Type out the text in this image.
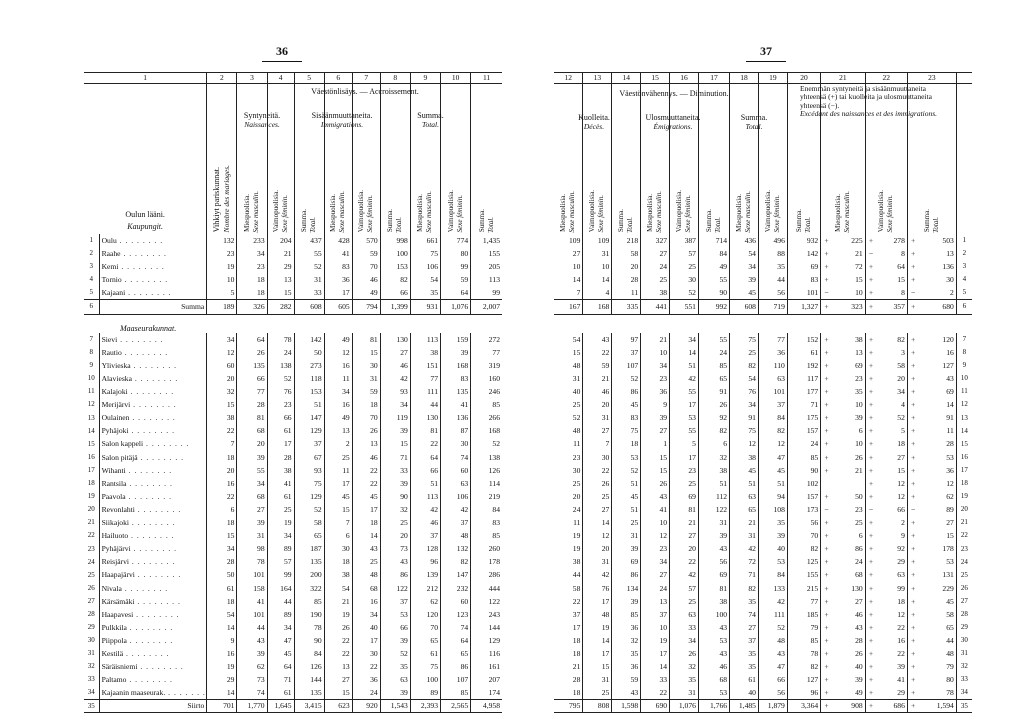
36
1		2	3	4	5	6	7	8	9	10	11

Oulun lääni.
Kaupungit.		Vihkiyt pariskunnat. Nombre des mariages.	Miespuolisia. Sexe masculin.	Vaimopuolisia. Sexe féminin.	Summa. Total.	Miespuolisia. Sexe masculin.	Vaimopuolisia. Sexe féminin.	Summa. Total.	Miespuolisia. Sexe masculin.	Vaimopuolisia. Sexe féminin.	Summa. Total.
1	Oulu . . .	132	233	204	437	428	570	998	661	774	1,435
2	Raahe . . .	23	34	21	55	41	59	100	75	80	155
3	Kemi . . .	19	23	29	52	83	70	153	106	99	205
4	Tornio . . .	10	18	13	31	36	46	82	54	59	113
5	Kajaani . . .	5	18	15	33	17	49	66	35	64	99
6	Summa	189	326	282	608	605	794	1,399	931	1,076	2,007
Maaseurakunnat.											
7	Sievi . . .	34	64	78	142	49	81	130	113	159	272
8	Rautio . . .	12	26	24	50	12	15	27	38	39	77
9	Ylivieska . . .	60	135	138	273	16	30	46	151	168	319
10	Alavieska . . .	20	66	52	118	11	31	42	77	83	160
11	Kalajoki . . .	32	77	76	153	34	59	93	111	135	246
12	Merijärvi . . .	15	28	23	51	16	18	34	44	41	85
13	Oulainen . . .	38	81	66	147	49	70	119	130	136	266
14	Pyhäjoki . . .	22	68	61	129	13	26	39	81	87	168
15	Salon kappeli . . .	7	20	17	37	2	13	15	22	30	52
16	Salon pitäjä . . .	18	39	28	67	25	46	71	64	74	138
17	Wihanti . . .	20	55	38	93	11	22	33	66	60	126
18	Rantsila . . .	16	34	41	75	17	22	39	51	63	114
19	Paavola . . .	22	68	61	129	45	45	90	113	106	219
20	Revonlahti . . .	6	27	25	52	15	17	32	42	42	84
21	Siikajoki . . .	18	39	19	58	7	18	25	46	37	83
22	Hailuoto . . .	15	31	34	65	6	14	20	37	48	85
23	Pyhäjärvi . . .	34	98	89	187	30	43	73	128	132	260
24	Reisjärvi . . .	28	78	57	135	18	25	43	96	82	178
25	Haapajärvi . . .	50	101	99	200	38	48	86	139	147	286
26	Nivala . . .	61	158	164	322	54	68	122	212	232	444
27	Kärsämäki . . .	18	41	44	85	21	16	37	62	60	122
28	Haapavesi . . .	54	101	89	190	19	34	53	120	123	243
29	Pulkkila . . .	14	44	34	78	26	40	66	70	74	144
30	Piippola . . .	9	43	47	90	22	17	39	65	64	129
31	Kestilä . . .	16	39	45	84	22	30	52	61	65	116
32	Säräisniemi . . .	19	62	64	126	13	22	35	75	86	161
33	Paltamo . . .	29	73	71	144	27	36	63	100	107	207
34	Kajaanin maaseurak. . . .	14	74	61	135	15	24	39	89	85	174
35	Siirto	701	1,770	1,645	3,415	623	920	1,543	2,393	2,565	4,958
Väestönlisäys. — Accroissement.
Syntyneitä.
Naissances.
Sisäänmuuttaneita.
Immigrations.
Summa.
Total.
37
12	13	14	15	16	17	18	19	20	21		22		23		
Miespuolisia. Sexe masculin.	Vaimopuolisia. Sexe féminin.	Summa. Total.	Miespuolisia. Sexe masculin.	Vaimopuolisia. Sexe féminin.	Summa. Total.	Miespuolisia. Sexe masculin.	Vaimopuolisia. Sexe féminin.	Summa. Total.	Miespuolisia. Sexe masculin.		Vaimopuolisia. Sexe féminin.		Summa. Total.		
109	109	218	327	387	714	436	496	932	+	225	+	278	+	503	1
27	31	58	27	57	84	54	88	142	+	21	−	8	+	13	2
10	10	20	24	25	49	34	35	69	+	72	+	64	+	136	3
14	14	28	25	30	55	39	44	83	+	15	+	15	+	30	4
7	4	11	38	52	90	45	56	101	−	10	+	8	−	2	5
167	168	335	441	551	992	608	719	1,327	+	323	+	357	+	680	6

54	43	97	21	34	55	75	77	152	+	38	+	82	+	120	7
15	22	37	10	14	24	25	36	61	+	13	+	3	+	16	8
48	59	107	34	51	85	82	110	192	+	69	+	58	+	127	9
31	21	52	23	42	65	54	63	117	+	23	+	20	+	43	10
40	46	86	36	55	91	76	101	177	+	35	+	34	+	69	11
25	20	45	9	17	26	34	37	71	+	10	+	4	+	14	12
52	31	83	39	53	92	91	84	175	+	39	+	52	+	91	13
48	27	75	27	55	82	75	82	157	+	6	+	5	+	11	14
11	7	18	1	5	6	12	12	24	+	10	+	18	+	28	15
23	30	53	15	17	32	38	47	85	+	26	+	27	+	53	16
30	22	52	15	23	38	45	45	90	+	21	+	15	+	36	17
25	26	51	26	25	51	51	51	102			+	12	+	12	18
20	25	45	43	69	112	63	94	157	+	50	+	12	+	62	19
24	27	51	41	81	122	65	108	173	−	23	−	66	−	89	20
11	14	25	10	21	31	21	35	56	+	25	+	2	+	27	21
19	12	31	12	27	39	31	39	70	+	6	+	9	+	15	22
19	20	39	23	20	43	42	40	82	+	86	+	92	+	178	23
38	31	69	34	22	56	72	53	125	+	24	+	29	+	53	24
44	42	86	27	42	69	71	84	155	+	68	+	63	+	131	25
58	76	134	24	57	81	82	133	215	+	130	+	99	+	229	26
22	17	39	13	25	38	35	42	77	+	27	+	18	+	45	27
37	48	85	37	63	100	74	111	185	+	46	+	12	+	58	28
17	19	36	10	33	43	27	52	79	+	43	+	22	+	65	29
18	14	32	19	34	53	37	48	85	+	28	+	16	+	44	30
18	17	35	17	26	43	35	43	78	+	26	+	22	+	48	31
21	15	36	14	32	46	35	47	82	+	40	+	39	+	79	32
28	31	59	33	35	68	61	66	127	+	39	+	41	+	80	33
18	25	43	22	31	53	40	56	96	+	49	+	29	+	78	34
795	808	1,598	690	1,076	1,766	1,485	1,879	3,364	+	908	+	686	+	1,594	35
Väestönvähennys. — Diminution.
Kuolleita.
Décès.
Ulosmuuttaneita.
Émigrations.
Summa.
Total.
Enemmän syntyneitä ja sisäänmuuttaneita yhteensä (+) tai kuolleita ja ulosmuuttaneita yhteensä (−).
Excédant des naissances et des immigrations.
